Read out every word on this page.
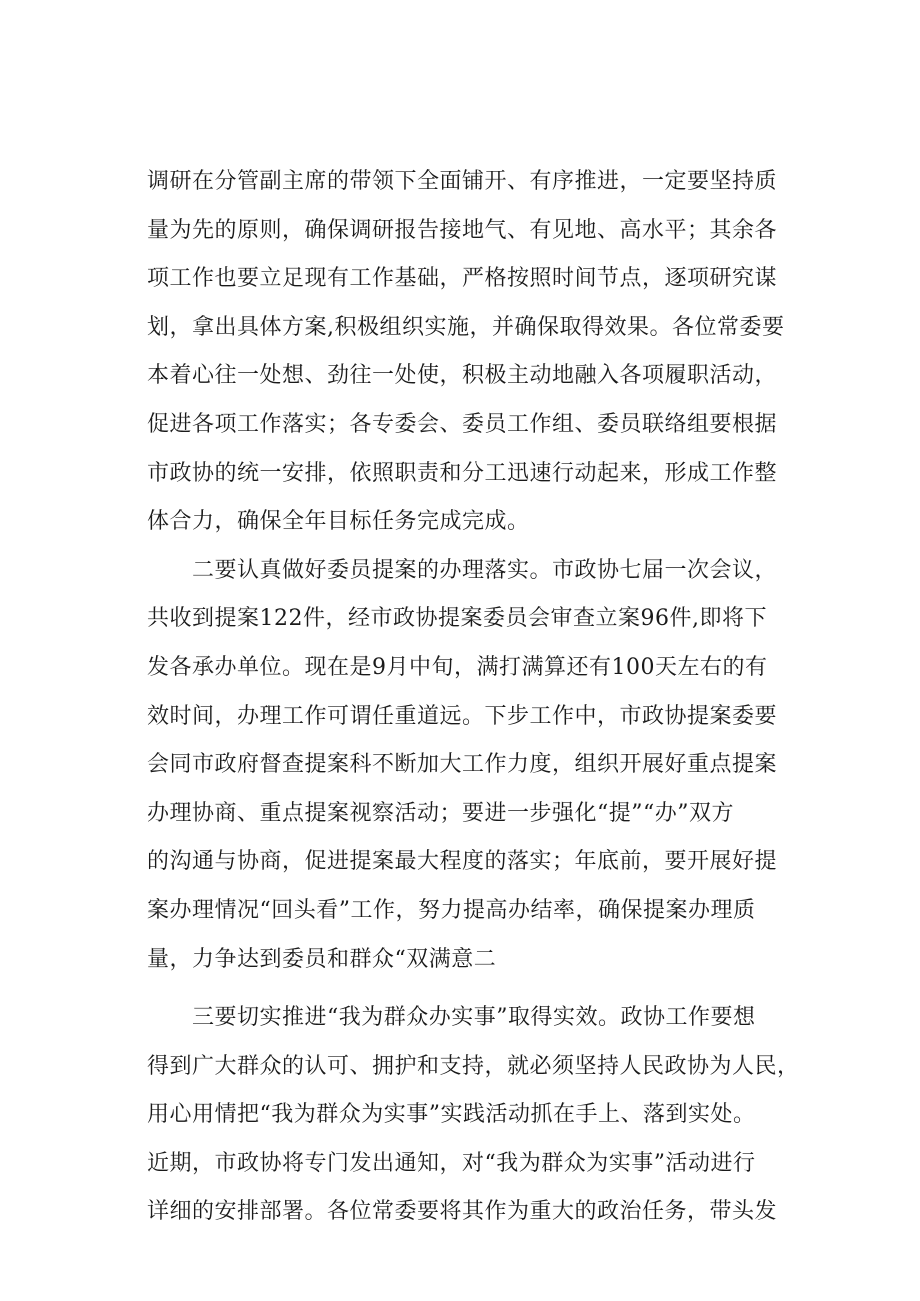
调研在分管副主席的带领下全面铺开、有序推进，一定要坚持质
量为先的原则，确保调研报告接地气、有见地、高水平；其余各
项工作也要立足现有工作基础，严格按照时间节点，逐项研究谋
划，拿出具体方案,积极组织实施，并确保取得效果。各位常委要
本着心往一处想、劲往一处使，积极主动地融入各项履职活动，
促进各项工作落实；各专委会、委员工作组、委员联络组要根据
市政协的统一安排，依照职责和分工迅速行动起来，形成工作整
体合力，确保全年目标任务完成完成。
　　二要认真做好委员提案的办理落实。市政协七届一次会议，
共收到提案122件，经市政协提案委员会审查立案96件,即将下
发各承办单位。现在是9月中旬，满打满算还有100天左右的有
效时间，办理工作可谓任重道远。下步工作中，市政协提案委要
会同市政府督查提案科不断加大工作力度，组织开展好重点提案
办理协商、重点提案视察活动；要进一步强化“提”“办”双方
的沟通与协商，促进提案最大程度的落实；年底前，要开展好提
案办理情况“回头看”工作，努力提高办结率，确保提案办理质
量，力争达到委员和群众“双满意二
　　三要切实推进“我为群众办实事”取得实效。政协工作要想
得到广大群众的认可、拥护和支持，就必须坚持人民政协为人民，
用心用情把“我为群众为实事”实践活动抓在手上、落到实处。
近期，市政协将专门发出通知，对“我为群众为实事”活动进行
详细的安排部署。各位常委要将其作为重大的政治任务，带头发
